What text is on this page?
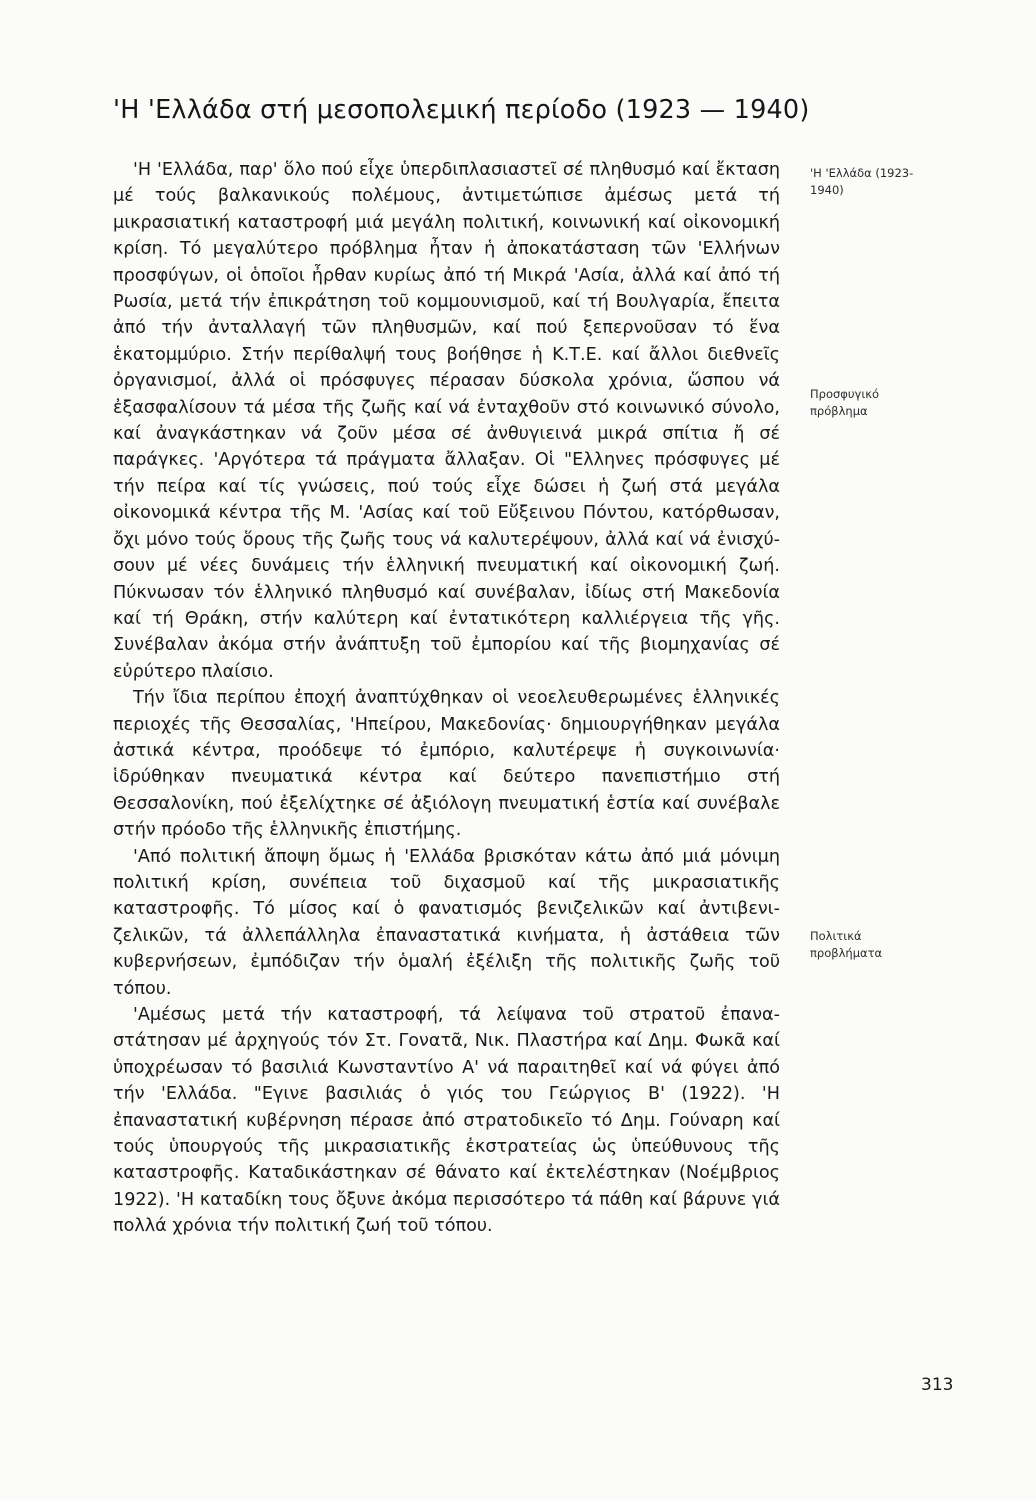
'Η 'Ελλάδα στή μεσοπολεμική περίοδο (1923 — 1940)

'Η 'Ελλάδα, παρ' ὅλο πού εἶχε ὑπερδιπλασιαστεῖ σέ πληθυσμό καί ἔκταση μέ τούς βαλκανικούς πολέμους, ἀντιμετώπισε ἀμέσως μετά τή μικρασιατική καταστροφή μιά μεγάλη πολιτική, κοινωνική καί οἰκονομική κρίση. Τό μεγαλύτερο πρόβλημα ἦταν ἡ ἀποκατάσταση τῶν 'Ελλήνων προσφύγων, οἱ ὁποῖοι ἦρθαν κυρίως ἀπό τή Μικρά 'Ασία, ἀλλά καί ἀπό τή Ρωσία, μετά τήν ἐπικράτηση τοῦ κομμουνισμοῦ, καί τή Βουλγαρία, ἔπειτα ἀπό τήν ἀνταλλαγή τῶν πληθυσμῶν, καί πού ξεπερνοῦσαν τό ἕνα ἑκατομμύριο. Στήν περίθαλψή τους βοήθησε ἡ Κ.Τ.Ε. καί ἄλλοι διεθνεῖς ὀργανισμοί, ἀλλά οἱ πρόσφυγες πέρασαν δύσκολα χρόνια, ὥσπου νά ἐξασφαλίσουν τά μέσα τῆς ζωῆς καί νά ἐνταχθοῦν στό κοινωνικό σύνολο, καί ἀναγκάστηκαν νά ζοῦν μέσα σέ ἀνθυγιεινά μικρά σπίτια ἤ σέ παράγκες. 'Αργότερα τά πράγματα ἄλλαξαν. Οἱ "Ελληνες πρόσφυγες μέ τήν πείρα καί τίς γνώσεις, πού τούς εἶχε δώσει ἡ ζωή στά μεγάλα οἰκονομικά κέντρα τῆς Μ. 'Ασίας καί τοῦ Εὔξεινου Πόντου, κατόρθωσαν, ὄχι μόνο τούς ὅρους τῆς ζωῆς τους νά καλυτερέψουν, ἀλλά καί νά ἐνισχύσουν μέ νέες δυνάμεις τήν ἑλληνική πνευματική καί οἰκονομική ζωή. Πύκνωσαν τόν ἑλληνικό πληθυσμό καί συνέβαλαν, ἰδίως στή Μακεδονία καί τή Θράκη, στήν καλύτερη καί ἐντατικότερη καλλιέργεια τῆς γῆς. Συνέβαλαν ἀκόμα στήν ἀνάπτυξη τοῦ ἐμπορίου καί τῆς βιομηχανίας σέ εὐρύτερο πλαίσιο.

Τήν ἴδια περίπου ἐποχή ἀναπτύχθηκαν οἱ νεοελευθερωμένες ἑλληνικές περιοχές τῆς Θεσσαλίας, 'Ηπείρου, Μακεδονίας· δημιουργήθηκαν μεγάλα ἀστικά κέντρα, προόδεψε τό ἐμπόριο, καλυτέρεψε ἡ συγκοινωνία· ἱδρύθηκαν πνευματικά κέντρα καί δεύτερο πανεπιστήμιο στή Θεσσαλονίκη, πού ἐξελίχτηκε σέ ἀξιόλογη πνευματική ἑστία καί συνέβαλε στήν πρόοδο τῆς ἑλληνικῆς ἐπιστήμης.

'Από πολιτική ἄποψη ὅμως ἡ 'Ελλάδα βρισκόταν κάτω ἀπό μιά μόνιμη πολιτική κρίση, συνέπεια τοῦ διχασμοῦ καί τῆς μικρασιατικῆς καταστροφῆς. Τό μίσος καί ὁ φανατισμός βενιζελικῶν καί ἀντιβενιζελικῶν, τά ἀλλεπάλληλα ἐπαναστατικά κινήματα, ἡ ἀστάθεια τῶν κυβερνήσεων, ἐμπόδιζαν τήν ὁμαλή ἐξέλιξη τῆς πολιτικῆς ζωῆς τοῦ τόπου.

'Αμέσως μετά τήν καταστροφή, τά λείψανα τοῦ στρατοῦ ἐπαναστάτησαν μέ ἀρχηγούς τόν Στ. Γονατᾶ, Νικ. Πλαστήρα καί Δημ. Φωκᾶ καί ὑποχρέωσαν τό βασιλιά Κωνσταντίνο Α' νά παραιτηθεῖ καί νά φύγει ἀπό τήν 'Ελλάδα. "Εγινε βασιλιάς ὁ γιός του Γεώργιος Β' (1922). 'Η ἐπαναστατική κυβέρνηση πέρασε ἀπό στρατοδικεῖο τό Δημ. Γούναρη καί τούς ὑπουργούς τῆς μικρασιατικῆς ἐκστρατείας ὡς ὑπεύθυνους τῆς καταστροφῆς. Καταδικάστηκαν σέ θάνατο καί ἐκτελέστηκαν (Νοέμβριος 1922). 'Η καταδίκη τους ὄξυνε ἀκόμα περισσότερο τά πάθη καί βάρυνε γιά πολλά χρόνια τήν πολιτική ζωή τοῦ τόπου.

'Η 'Ελλάδα (1923-1940)
Προσφυγικό πρόβλημα
Πολιτικά προβλήματα
313
